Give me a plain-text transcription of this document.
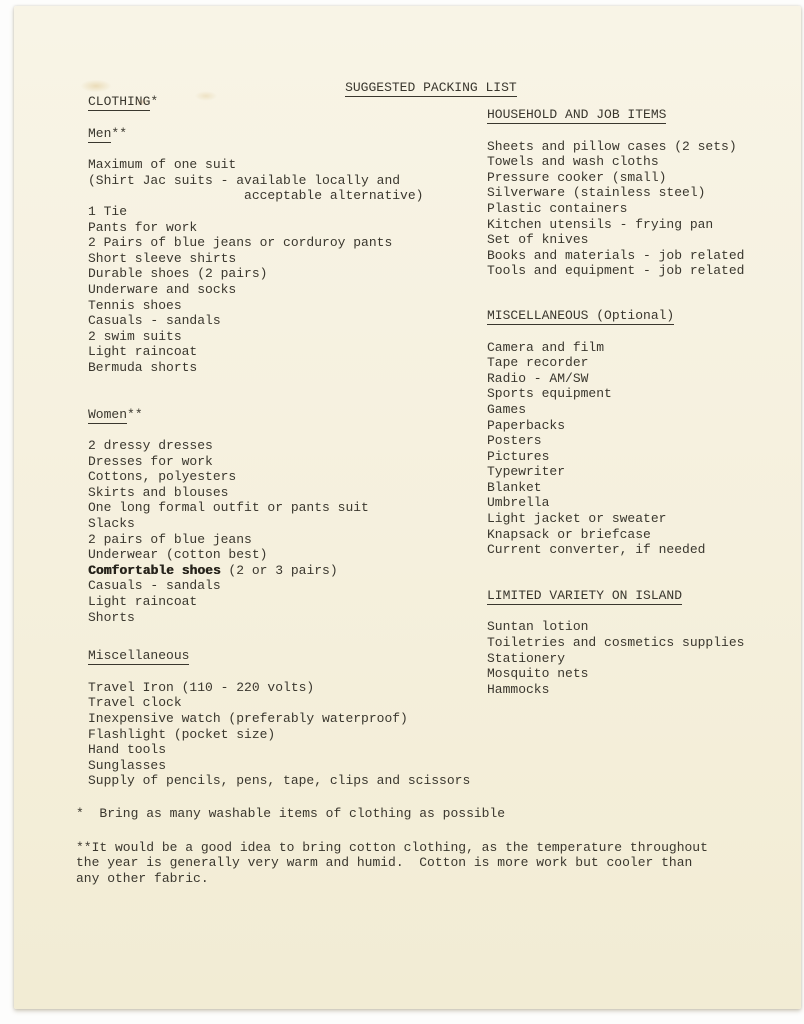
SUGGESTED PACKING LIST

CLOTHING*
Men**
Maximum of one suit
(Shirt Jac suits - available locally and
acceptable alternative)
1 Tie
Pants for work
2 Pairs of blue jeans or corduroy pants
Short sleeve shirts
Durable shoes (2 pairs)
Underware and socks
Tennis shoes
Casuals - sandals
2 swim suits
Light raincoat
Bermuda shorts
Women**
2 dressy dresses
Dresses for work
Cottons, polyesters
Skirts and blouses
One long formal outfit or pants suit
Slacks
2 pairs of blue jeans
Underwear (cotton best)
Comfortable shoes (2 or 3 pairs)
Casuals - sandals
Light raincoat
Shorts
Miscellaneous
Travel Iron (110 - 220 volts)
Travel clock
Inexpensive watch (preferably waterproof)
Flashlight (pocket size)
Hand tools
Sunglasses
Supply of pencils, pens, tape, clips and scissors
HOUSEHOLD AND JOB ITEMS
Sheets and pillow cases (2 sets)
Towels and wash cloths
Pressure cooker (small)
Silverware (stainless steel)
Plastic containers
Kitchen utensils - frying pan
Set of knives
Books and materials - job related
Tools and equipment - job related
MISCELLANEOUS (Optional)
Camera and film
Tape recorder
Radio - AM/SW
Sports equipment
Games
Paperbacks
Posters
Pictures
Typewriter
Blanket
Umbrella
Light jacket or sweater
Knapsack or briefcase
Current converter, if needed
LIMITED VARIETY ON ISLAND
Suntan lotion
Toiletries and cosmetics supplies
Stationery
Mosquito nets
Hammocks
*  Bring as many washable items of clothing as possible
**It would be a good idea to bring cotton clothing, as the temperature throughout
the year is generally very warm and humid.  Cotton is more work but cooler than
any other fabric.
